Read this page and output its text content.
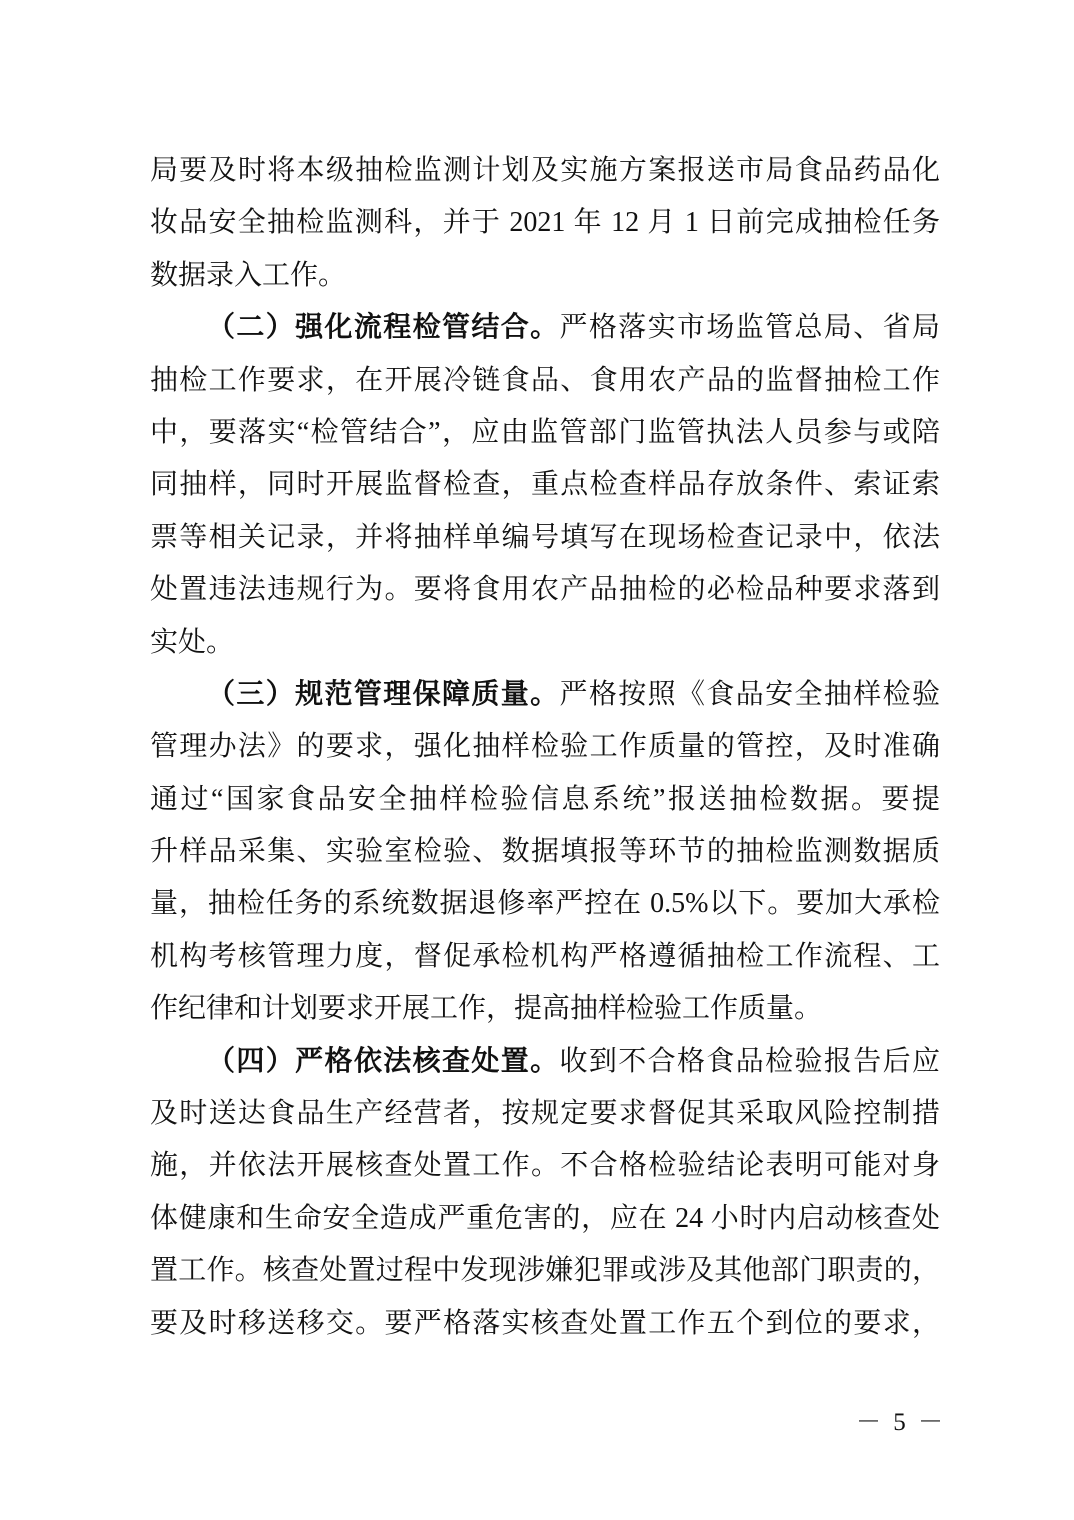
局要及时将本级抽检监测计划及实施方案报送市局食品药品化
妆品安全抽检监测科，并于 2021 年 12 月 1 日前完成抽检任务
数据录入工作。
（二）强化流程检管结合。严格落实市场监管总局、省局
抽检工作要求，在开展冷链食品、食用农产品的监督抽检工作
中，要落实“检管结合”，应由监管部门监管执法人员参与或陪
同抽样，同时开展监督检查，重点检查样品存放条件、索证索
票等相关记录，并将抽样单编号填写在现场检查记录中，依法
处置违法违规行为。要将食用农产品抽检的必检品种要求落到
实处。
（三）规范管理保障质量。严格按照《食品安全抽样检验
管理办法》的要求，强化抽样检验工作质量的管控，及时准确
通过“国家食品安全抽样检验信息系统”报送抽检数据。要提
升样品采集、实验室检验、数据填报等环节的抽检监测数据质
量，抽检任务的系统数据退修率严控在 0.5%以下。要加大承检
机构考核管理力度，督促承检机构严格遵循抽检工作流程、工
作纪律和计划要求开展工作，提高抽样检验工作质量。
（四）严格依法核查处置。收到不合格食品检验报告后应
及时送达食品生产经营者，按规定要求督促其采取风险控制措
施，并依法开展核查处置工作。不合格检验结论表明可能对身
体健康和生命安全造成严重危害的，应在 24 小时内启动核查处
置工作。核查处置过程中发现涉嫌犯罪或涉及其他部门职责的，
要及时移送移交。要严格落实核查处置工作五个到位的要求，
－ 5 －
